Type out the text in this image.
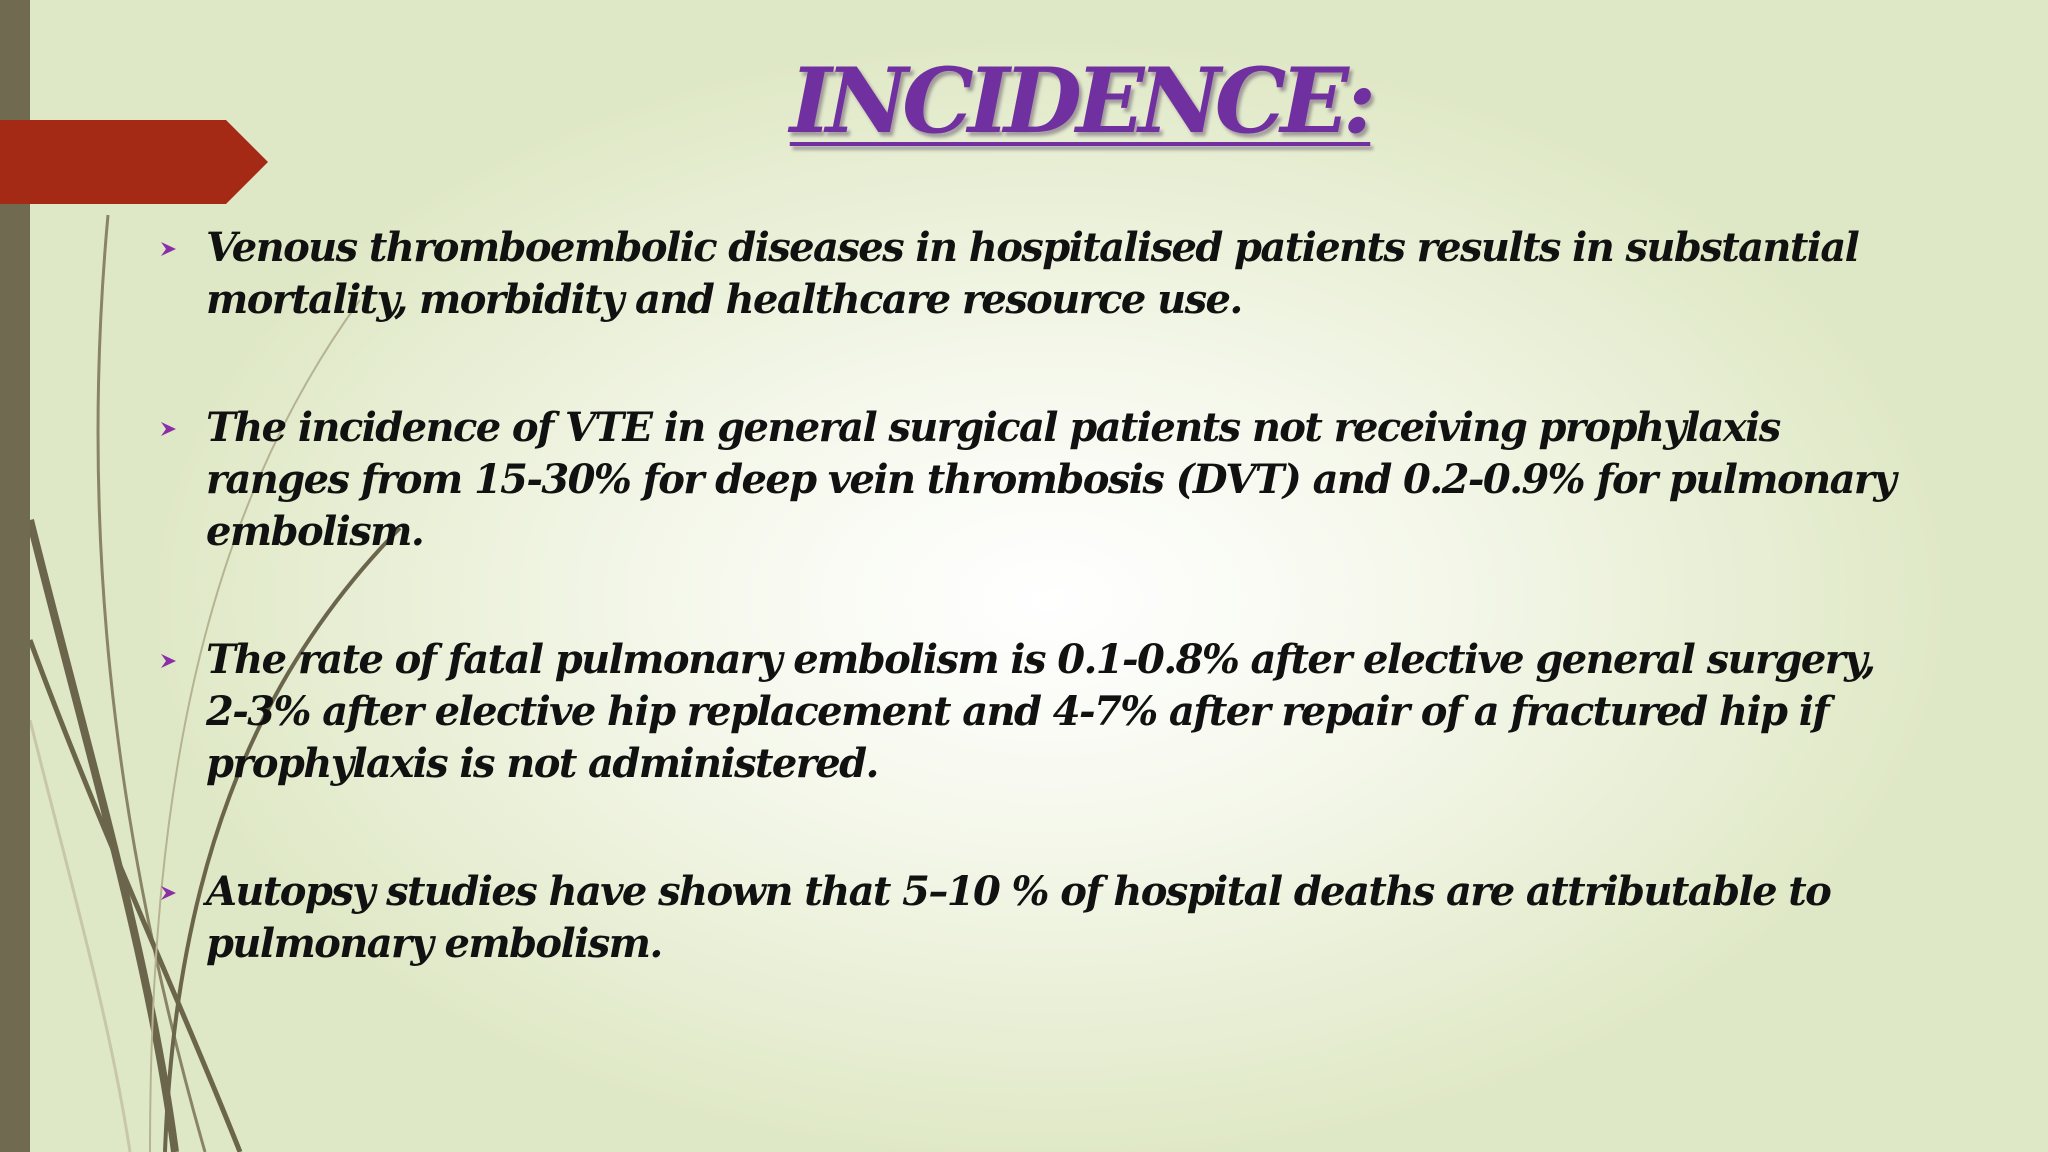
INCIDENCE:
Venous thromboembolic diseases in hospitalised patients results in substantial mortality, morbidity and healthcare resource use.
The incidence of VTE in general surgical patients not receiving prophylaxis ranges from 15-30% for deep vein thrombosis (DVT) and 0.2-0.9% for pulmonary embolism.
The rate of fatal pulmonary embolism is 0.1-0.8% after elective general surgery, 2-3% after elective hip replacement and 4-7% after repair of a fractured hip if prophylaxis is not administered.
Autopsy studies have shown that 5–10 % of hospital deaths are attributable to pulmonary embolism.
